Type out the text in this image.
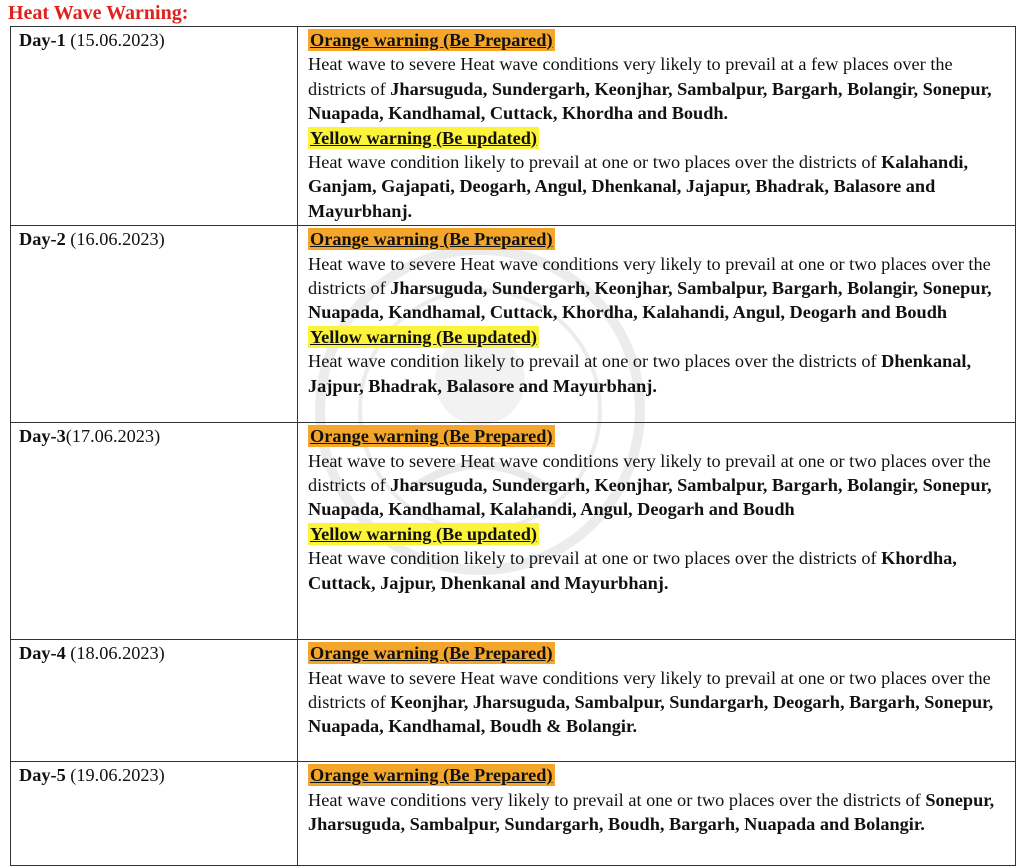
Heat Wave Warning:
Day-1 (15.06.2023)	Orange warning (Be Prepared)
Heat wave to severe Heat wave conditions very likely to prevail at a few places over the districts of Jharsuguda, Sundergarh, Keonjhar, Sambalpur, Bargarh, Bolangir, Sonepur, Nuapada, Kandhamal, Cuttack, Khordha and Boudh.
Yellow warning (Be updated)
Heat wave condition likely to prevail at one or two places over the districts of Kalahandi, Ganjam, Gajapati, Deogarh, Angul, Dhenkanal, Jajapur, Bhadrak, Balasore and Mayurbhanj.

Day-2 (16.06.2023)	Orange warning (Be Prepared)
Heat wave to severe Heat wave conditions very likely to prevail at one or two places over the districts of Jharsuguda, Sundergarh, Keonjhar, Sambalpur, Bargarh, Bolangir, Sonepur, Nuapada, Kandhamal, Cuttack, Khordha, Kalahandi, Angul, Deogarh and Boudh
Yellow warning (Be updated)
Heat wave condition likely to prevail at one or two places over the districts of Dhenkanal, Jajpur, Bhadrak, Balasore and Mayurbhanj.

Day-3(17.06.2023)	Orange warning (Be Prepared)
Heat wave to severe Heat wave conditions very likely to prevail at one or two places over the districts of Jharsuguda, Sundergarh, Keonjhar, Sambalpur, Bargarh, Bolangir, Sonepur, Nuapada, Kandhamal, Kalahandi, Angul, Deogarh and Boudh
Yellow warning (Be updated)
Heat wave condition likely to prevail at one or two places over the districts of Khordha, Cuttack, Jajpur, Dhenkanal and Mayurbhanj.

Day-4 (18.06.2023)	Orange warning (Be Prepared)
Heat wave to severe Heat wave conditions very likely to prevail at one or two places over the districts of Keonjhar, Jharsuguda, Sambalpur, Sundargarh, Deogarh, Bargarh, Sonepur, Nuapada, Kandhamal, Boudh & Bolangir.

Day-5 (19.06.2023)	Orange warning (Be Prepared)
Heat wave conditions very likely to prevail at one or two places over the districts of Sonepur, Jharsuguda, Sambalpur, Sundargarh, Boudh, Bargarh, Nuapada and Bolangir.
